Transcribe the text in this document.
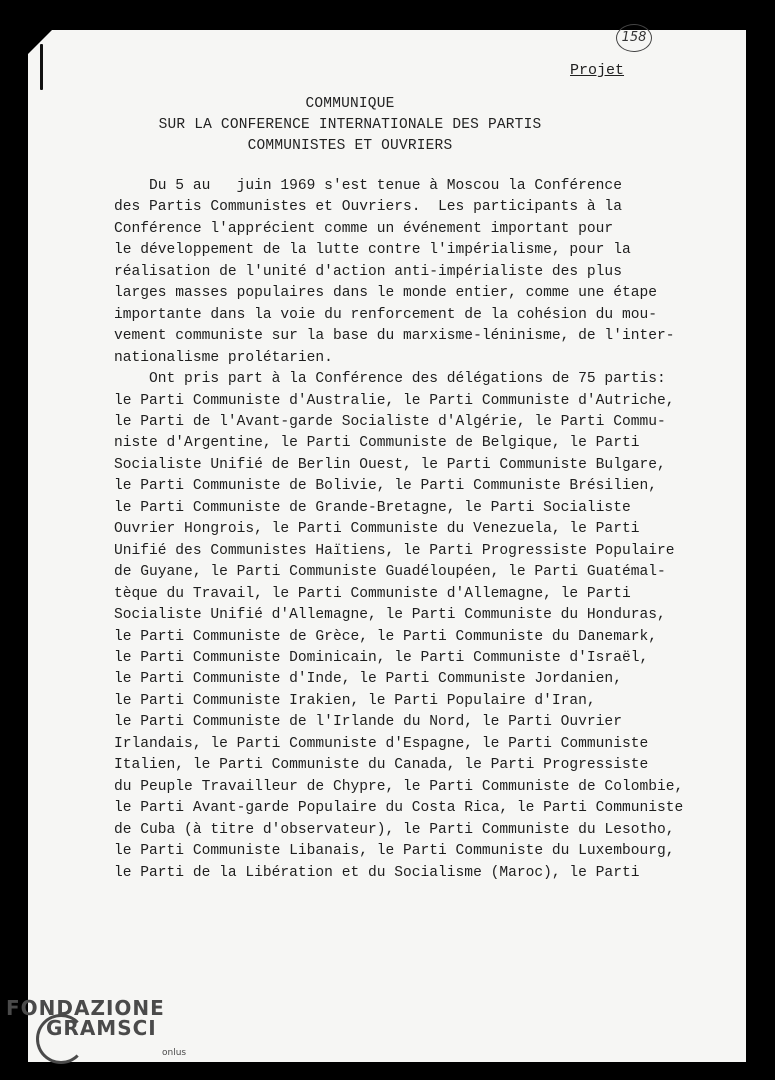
158
Projet
COMMUNIQUE
SUR LA CONFERENCE INTERNATIONALE DES PARTIS
COMMUNISTES ET OUVRIERS
Du 5 au   juin 1969 s'est tenue à Moscou la Conférence
des Partis Communistes et Ouvriers.  Les participants à la
Conférence l'apprécient comme un événement important pour
le développement de la lutte contre l'impérialisme, pour la
réalisation de l'unité d'action anti-impérialiste des plus
larges masses populaires dans le monde entier, comme une étape
importante dans la voie du renforcement de la cohésion du mou-
vement communiste sur la base du marxisme-léninisme, de l'inter-
nationalisme prolétarien.
Ont pris part à la Conférence des délégations de 75 partis:
le Parti Communiste d'Australie, le Parti Communiste d'Autriche,
le Parti de l'Avant-garde Socialiste d'Algérie, le Parti Commu-
niste d'Argentine, le Parti Communiste de Belgique, le Parti
Socialiste Unifié de Berlin Ouest, le Parti Communiste Bulgare,
le Parti Communiste de Bolivie, le Parti Communiste Brésilien,
le Parti Communiste de Grande-Bretagne, le Parti Socialiste
Ouvrier Hongrois, le Parti Communiste du Venezuela, le Parti
Unifié des Communistes Haïtiens, le Parti Progressiste Populaire
de Guyane, le Parti Communiste Guadéloupéen, le Parti Guatémal-
tèque du Travail, le Parti Communiste d'Allemagne, le Parti
Socialiste Unifié d'Allemagne, le Parti Communiste du Honduras,
le Parti Communiste de Grèce, le Parti Communiste du Danemark,
le Parti Communiste Dominicain, le Parti Communiste d'Israël,
le Parti Communiste d'Inde, le Parti Communiste Jordanien,
le Parti Communiste Irakien, le Parti Populaire d'Iran,
le Parti Communiste de l'Irlande du Nord, le Parti Ouvrier
Irlandais, le Parti Communiste d'Espagne, le Parti Communiste
Italien, le Parti Communiste du Canada, le Parti Progressiste
du Peuple Travailleur de Chypre, le Parti Communiste de Colombie,
le Parti Avant-garde Populaire du Costa Rica, le Parti Communiste
de Cuba (à titre d'observateur), le Parti Communiste du Lesotho,
le Parti Communiste Libanais, le Parti Communiste du Luxembourg,
le Parti de la Libération et du Socialisme (Maroc), le Parti
FONDAZIONE
GRAMSCI
onlus
